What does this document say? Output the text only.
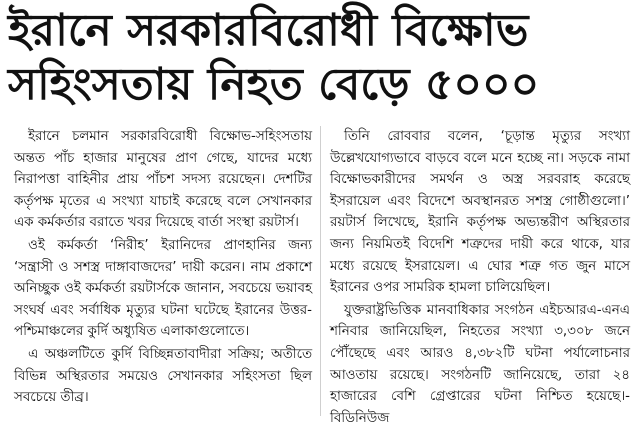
ইরানে সরকারবিরোধী বিক্ষোভ
সহিংসতায় নিহত বেড়ে ৫০০০

ইরানে চলমান সরকারবিরোধী বিক্ষোভ-সহিংসতায় অন্তত পাঁচ হাজার মানুষের প্রাণ গেছে, যাদের মধ্যে নিরাপত্তা বাহিনীর প্রায় পাঁচশ সদস্য রয়েছেন। দেশটির কর্তৃপক্ষ মৃতের এ সংখ্যা যাচাই করেছে বলে সেখানকার এক কর্মকর্তার বরাতে খবর দিয়েছে বার্তা সংস্থা রয়টার্স।

ওই কর্মকর্তা ‘নিরীহ’ ইরানিদের প্রাণহানির জন্য ‘সন্ত্রাসী ও সশস্ত্র দাঙ্গাবাজদের’ দায়ী করেন। নাম প্রকাশে অনিচ্ছুক ওই কর্মকর্তা রয়টার্সকে জানান, সবচেয়ে ভয়াবহ সংঘর্ষ এবং সর্বাধিক মৃত্যুর ঘটনা ঘটেছে ইরানের উত্তর-পশ্চিমাঞ্চলের কুর্দি অধ্যুষিত এলাকাগুলোতে।

এ অঞ্চলটিতে কুর্দি বিচ্ছিন্নতাবাদীরা সক্রিয়; অতীতে বিভিন্ন অস্থিরতার সময়েও সেখানকার সহিংসতা ছিল সবচেয়ে তীব্র।

তিনি রোববার বলেন, ‘চূড়ান্ত মৃত্যুর সংখ্যা উল্লেখযোগ্যভাবে বাড়বে বলে মনে হচ্ছে না। সড়কে নামা বিক্ষোভকারীদের সমর্থন ও অস্ত্র সরবরাহ করেছে ইসরায়েল এবং বিদেশে অবস্থানরত সশস্ত্র গোষ্ঠীগুলো।’ রয়টার্স লিখেছে, ইরানি কর্তৃপক্ষ অভ্যন্তরীণ অস্থিরতার জন্য নিয়মিতই বিদেশি শত্রুদের দায়ী করে থাকে, যার মধ্যে রয়েছে ইসরায়েল। এ ঘোর শত্রু গত জুন মাসে ইরানের ওপর সামরিক হামলা চালিয়েছিল।

যুক্তরাষ্ট্রভিত্তিক মানবাধিকার সংগঠন এইচআরএ-এনএ শনিবার জানিয়েছিল, নিহতের সংখ্যা ৩,৩০৮ জনে পৌঁছেছে এবং আরও ৪,৩৮২টি ঘটনা পর্যালোচনার আওতায় রয়েছে। সংগঠনটি জানিয়েছে, তারা ২৪ হাজারের বেশি গ্রেপ্তারের ঘটনা নিশ্চিত হয়েছে।-বিডিনিউজ
